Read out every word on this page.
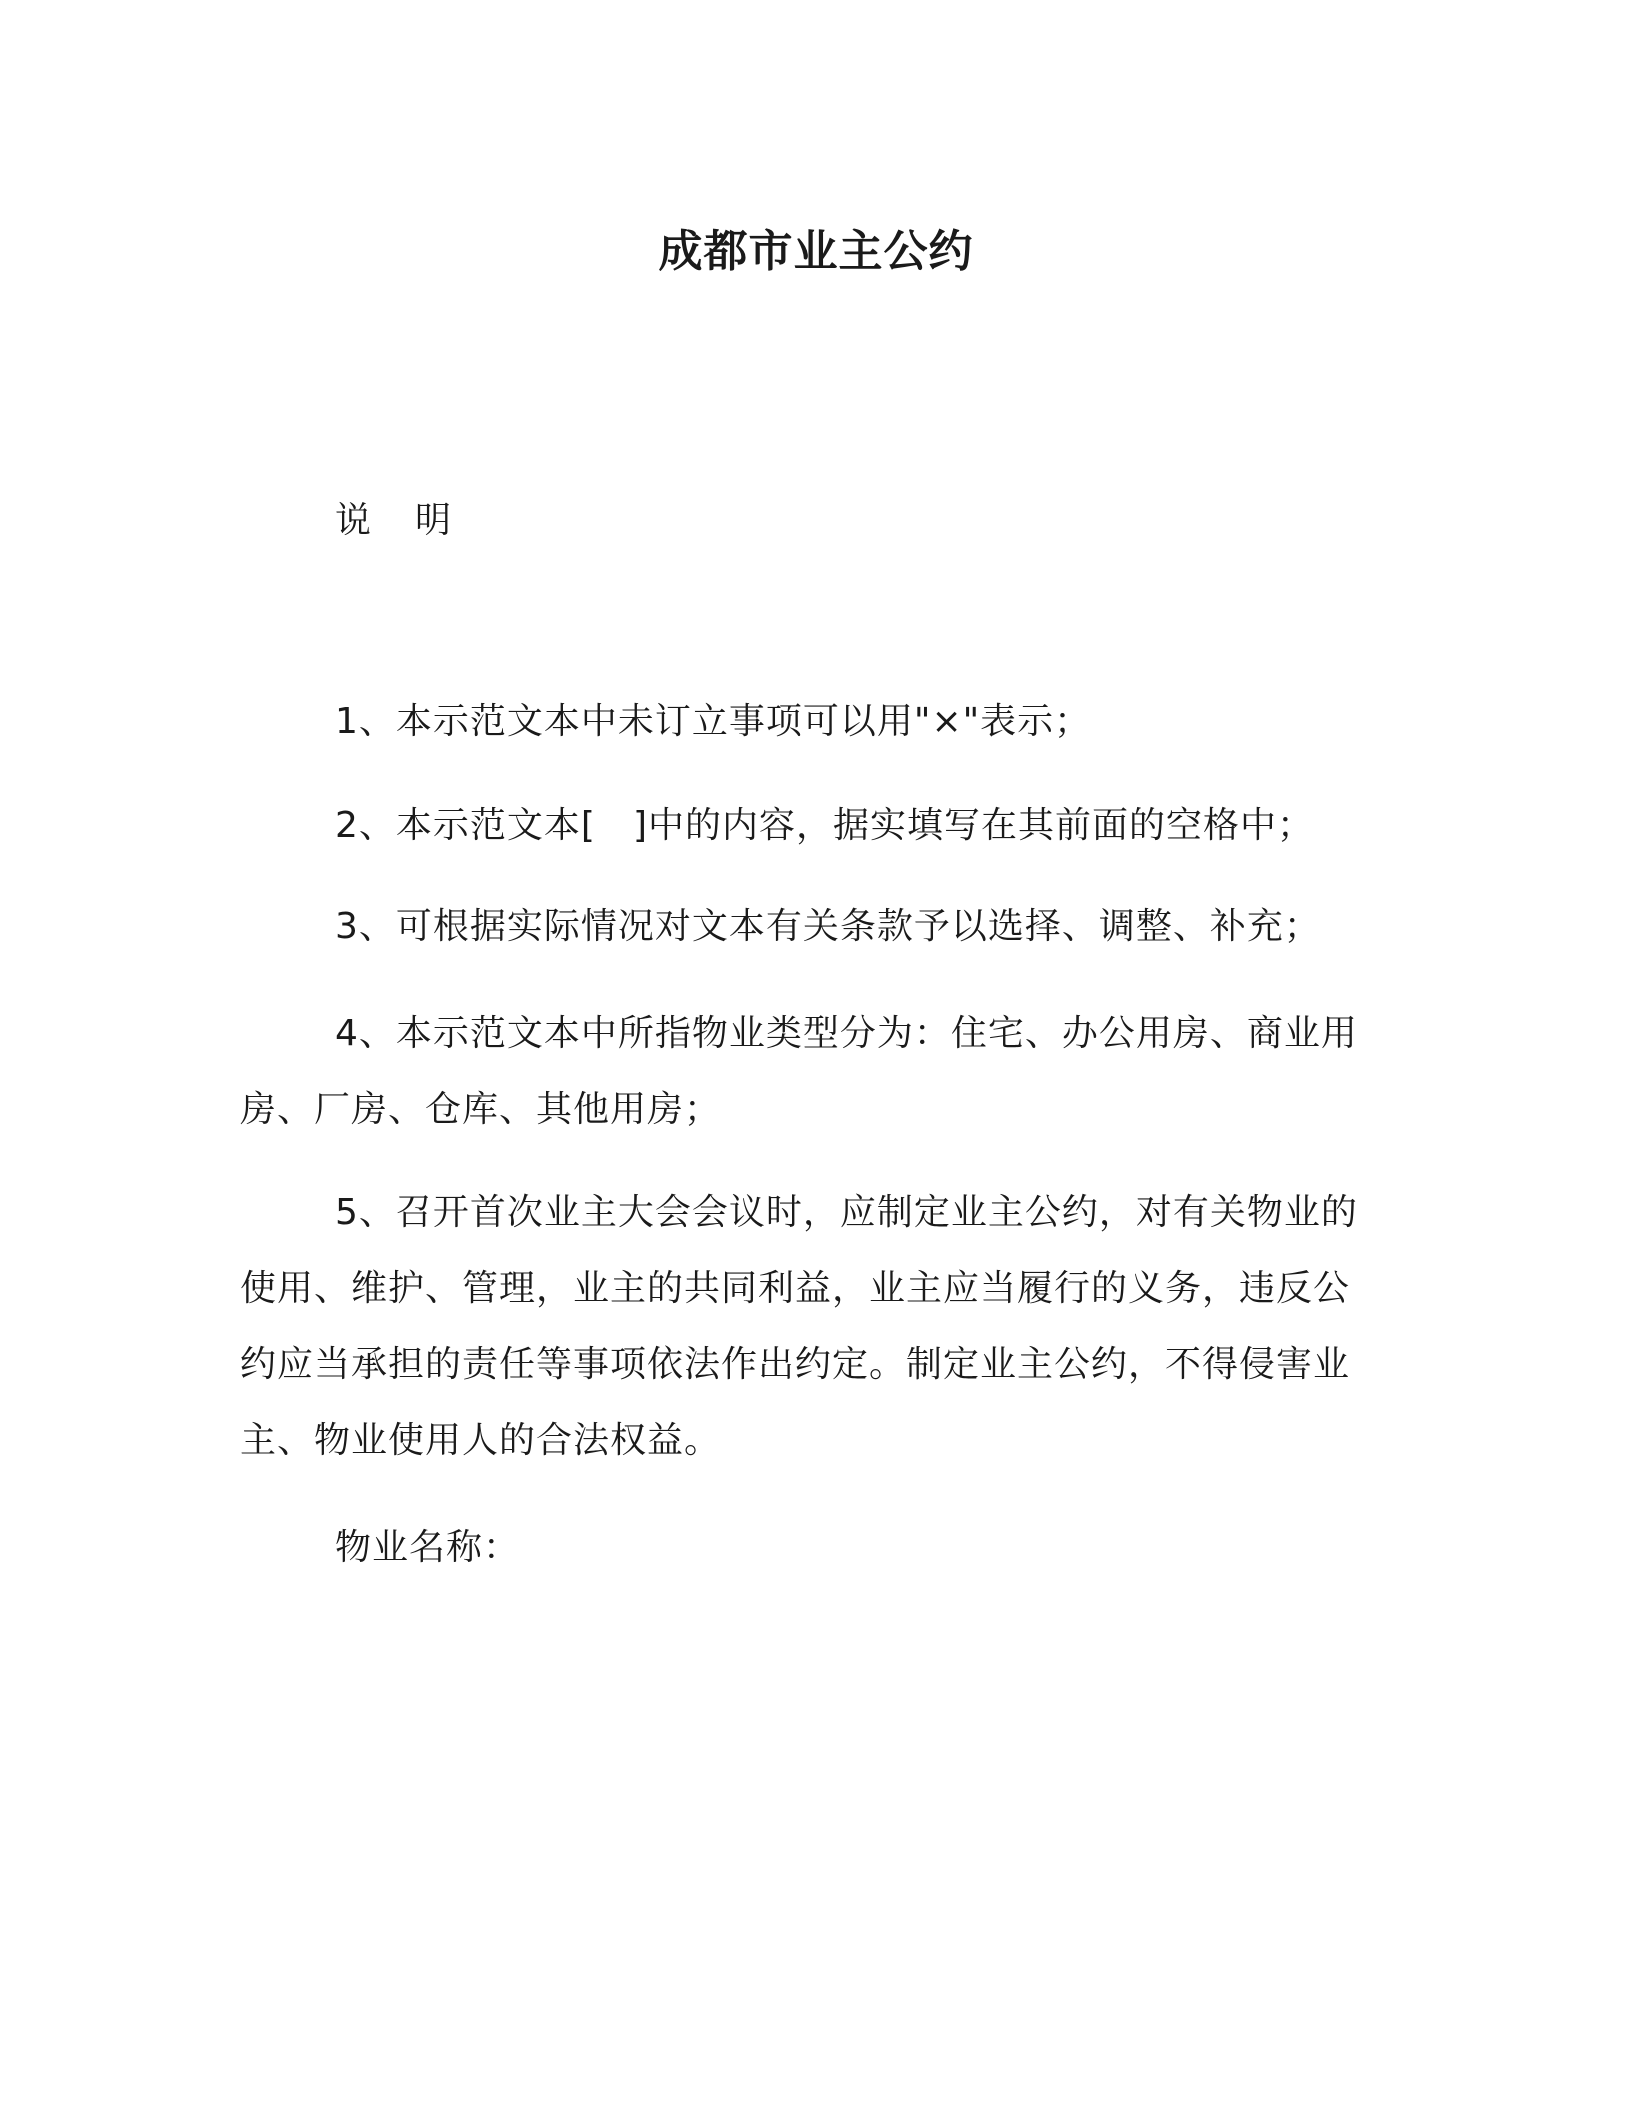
成都市业主公约
说 明

1、本示范文本中未订立事项可以用"×"表示；

2、本示范文本[　]中的内容，据实填写在其前面的空格中；

3、可根据实际情况对文本有关条款予以选择、调整、补充；

4、本示范文本中所指物业类型分为：住宅、办公用房、商业用房、厂房、仓库、其他用房；

5、召开首次业主大会会议时，应制定业主公约，对有关物业的使用、维护、管理，业主的共同利益，业主应当履行的义务，违反公约应当承担的责任等事项依法作出约定。制定业主公约，不得侵害业主、物业使用人的合法权益。

物业名称：
